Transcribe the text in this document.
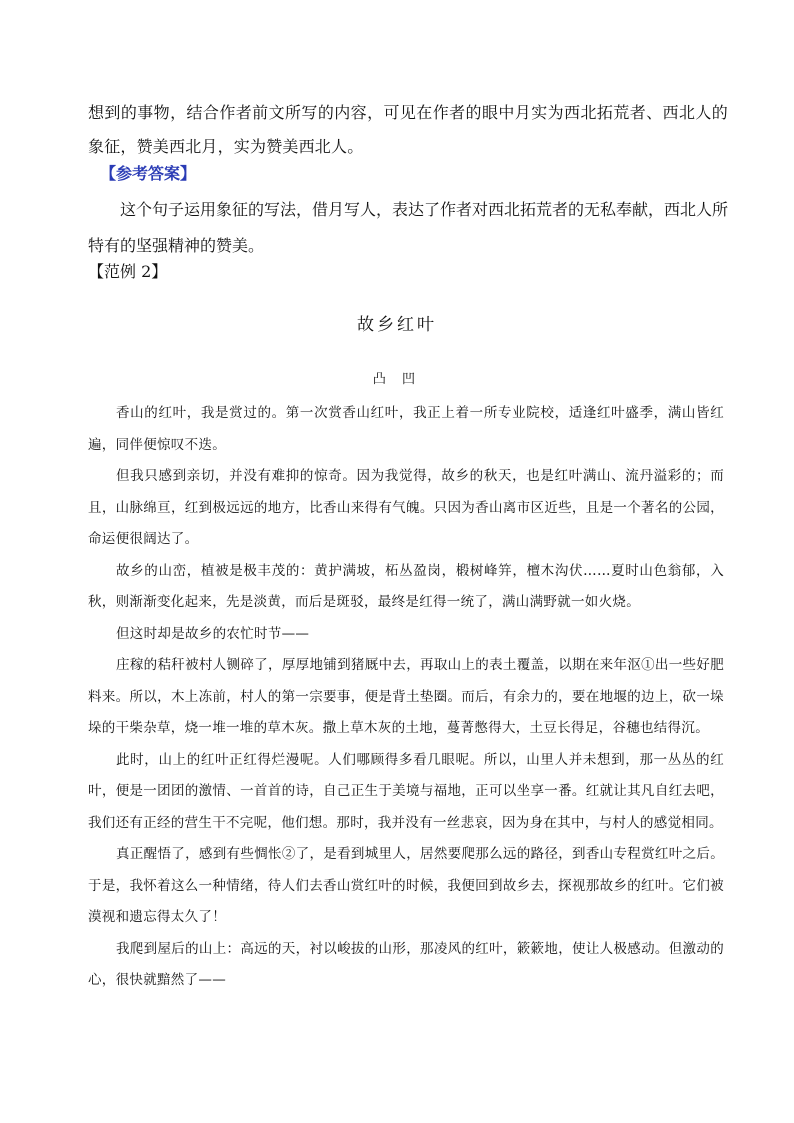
想到的事物，结合作者前文所写的内容，可见在作者的眼中月实为西北拓荒者、西北人的象征，赞美西北月，实为赞美西北人。

【参考答案】

这个句子运用象征的写法，借月写人，表达了作者对西北拓荒者的无私奉献，西北人所特有的坚强精神的赞美。

【范例 2】
故乡红叶
凸 凹

香山的红叶，我是赏过的。第一次赏香山红叶，我正上着一所专业院校，适逢红叶盛季，满山皆红遍，同伴便惊叹不迭。

但我只感到亲切，并没有难抑的惊奇。因为我觉得，故乡的秋天，也是红叶满山、流丹溢彩的；而且，山脉绵亘，红到极远远的地方，比香山来得有气魄。只因为香山离市区近些，且是一个著名的公园，命运便很阔达了。

故乡的山峦，植被是极丰茂的：黄护满坡，柘丛盈岗，椴树峰笄，檀木沟伏……夏时山色翁郁，入秋，则渐渐变化起来，先是淡黄，而后是斑驳，最终是红得一统了，满山满野就一如火烧。

但这时却是故乡的农忙时节——

庄稼的秸秆被村人铡碎了，厚厚地铺到猪厩中去，再取山上的表土覆盖，以期在来年沤①出一些好肥料来。所以，木上冻前，村人的第一宗要事，便是背土垫圈。而后，有余力的，要在地堰的边上，砍一垛垛的干柴杂草，烧一堆一堆的草木灰。撒上草木灰的土地，蔓菁憋得大，土豆长得足，谷穗也结得沉。

此时，山上的红叶正红得烂漫呢。人们哪顾得多看几眼呢。所以，山里人并未想到，那一丛丛的红叶，便是一团团的激情、一首首的诗，自己正生于美境与福地，正可以坐享一番。红就让其凡自红去吧，我们还有正经的营生干不完呢，他们想。那时，我并没有一丝悲哀，因为身在其中，与村人的感觉相同。

真正醒悟了，感到有些惆怅②了，是看到城里人，居然要爬那么远的路径，到香山专程赏红叶之后。于是，我怀着这么一种情绪，待人们去香山赏红叶的时候，我便回到故乡去，探视那故乡的红叶。它们被漠视和遗忘得太久了！

我爬到屋后的山上：高远的天，衬以峻拔的山形，那凌风的红叶，簌簌地，使让人极感动。但激动的心，很快就黯然了——
